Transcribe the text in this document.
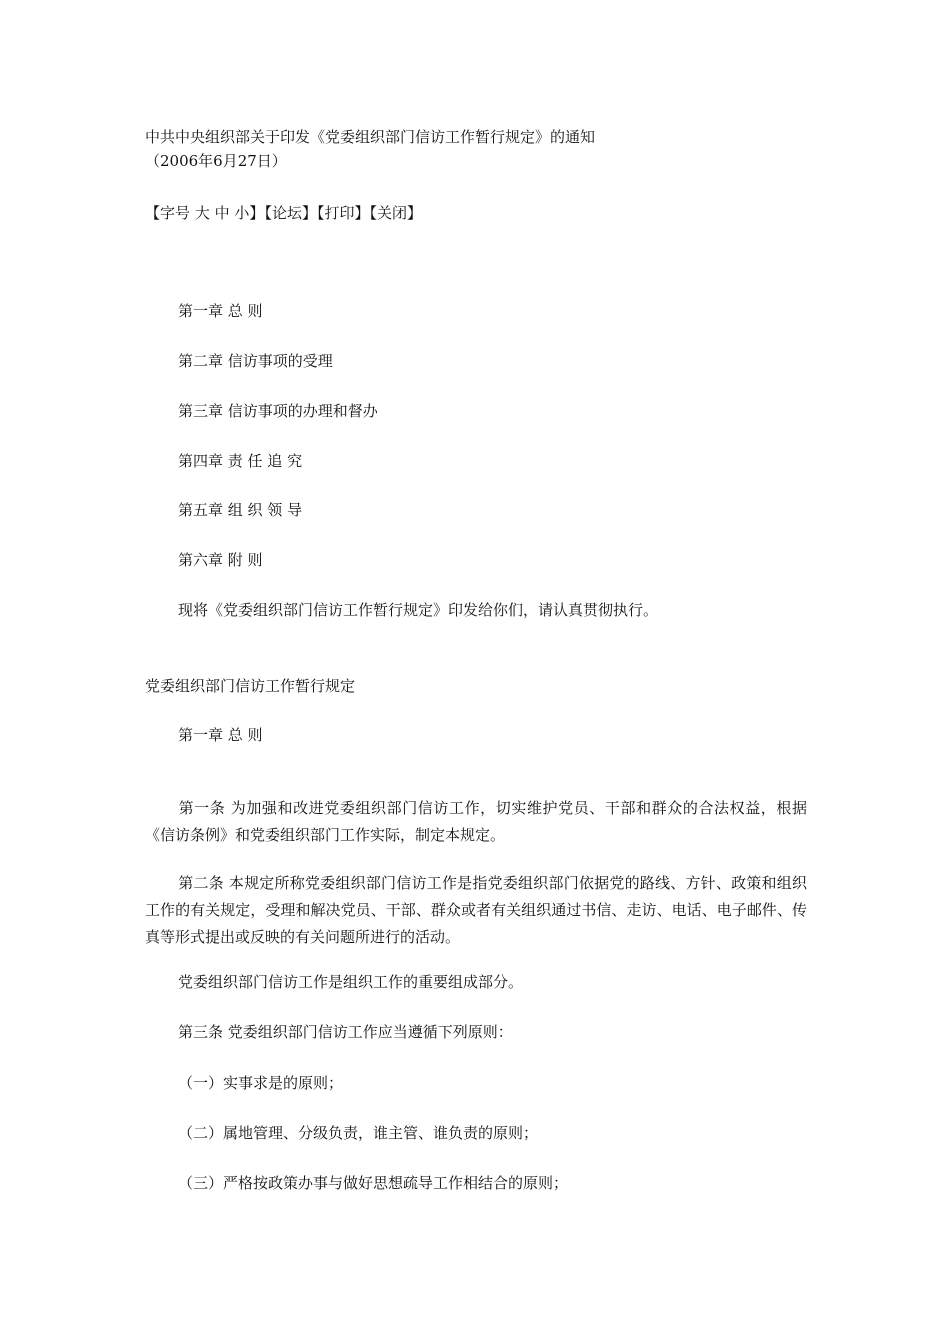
中共中央组织部关于印发《党委组织部门信访工作暂行规定》的通知
（2006年6月27日）
【字号 大 中 小】【论坛】【打印】【关闭】
第一章 总 则
第二章 信访事项的受理
第三章 信访事项的办理和督办
第四章 责 任 追 究
第五章 组 织 领 导
第六章 附 则
现将《党委组织部门信访工作暂行规定》印发给你们，请认真贯彻执行。
党委组织部门信访工作暂行规定
第一章 总 则
第一条 为加强和改进党委组织部门信访工作，切实维护党员、干部和群众的合法权益，根据《信访条例》和党委组织部门工作实际，制定本规定。
第二条 本规定所称党委组织部门信访工作是指党委组织部门依据党的路线、方针、政策和组织工作的有关规定，受理和解决党员、干部、群众或者有关组织通过书信、走访、电话、电子邮件、传真等形式提出或反映的有关问题所进行的活动。
党委组织部门信访工作是组织工作的重要组成部分。
第三条 党委组织部门信访工作应当遵循下列原则：
（一）实事求是的原则；
（二）属地管理、分级负责，谁主管、谁负责的原则；
（三）严格按政策办事与做好思想疏导工作相结合的原则；
